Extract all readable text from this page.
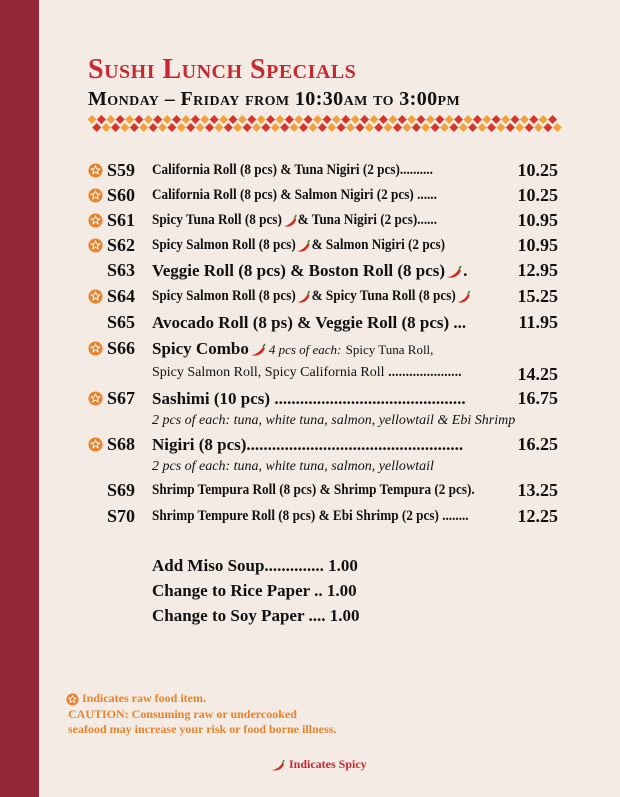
Sushi Lunch Specials
Monday – Friday from 10:30am to 3:00pm
S59 California Roll (8 pcs) & Tuna Nigiri (2 pcs)..........	10.25
S60 California Roll (8 pcs) & Salmon Nigiri (2 pcs) ......	10.25
S61 Spicy Tuna Roll (8 pcs) & Tuna Nigiri (2 pcs)......	10.95
S62 Spicy Salmon Roll (8 pcs) & Salmon Nigiri (2 pcs)	10.95
S63 Veggie Roll (8 pcs) & Boston Roll (8 pcs) .	12.95
S64 Spicy Salmon Roll (8 pcs) & Spicy Tuna Roll (8 pcs)	15.25
S65 Avocado Roll (8 ps) & Veggie Roll (8 pcs) ...	11.95
S66 Spicy Combo 4 pcs of each: Spicy Tuna Roll,
Spicy Salmon Roll, Spicy California Roll .....................	14.25
S67 Sashimi (10 pcs) .............................................	16.75
2 pcs of each: tuna, white tuna, salmon, yellowtail & Ebi Shrimp
S68 Nigiri (8 pcs)...................................................	16.25
2 pcs of each: tuna, white tuna, salmon, yellowtail
S69 Shrimp Tempura Roll (8 pcs) & Shrimp Tempura (2 pcs). 13.25
S70 Shrimp Tempure Roll (8 pcs) & Ebi Shrimp (2 pcs) ........	12.25
Add Miso Soup.............. 1.00
Change to Rice Paper .. 1.00
Change to Soy Paper .... 1.00
Indicates raw food item.
CAUTION: Consuming raw or undercooked
seafood may increase your risk or food borne illness.
Indicates Spicy
